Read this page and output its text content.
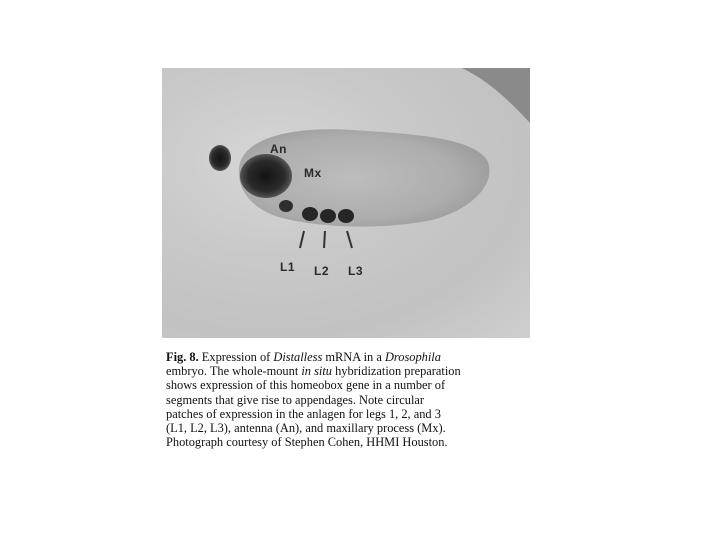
An
Mx
L1 L2 L3
Fig. 8. Expression of Distalless mRNA in a Drosophila
embryo. The whole-mount in situ hybridization preparation
shows expression of this homeobox gene in a number of
segments that give rise to appendages. Note circular
patches of expression in the anlagen for legs 1, 2, and 3
(L1, L2, L3), antenna (An), and maxillary process (Mx).
Photograph courtesy of Stephen Cohen, HHMI Houston.
